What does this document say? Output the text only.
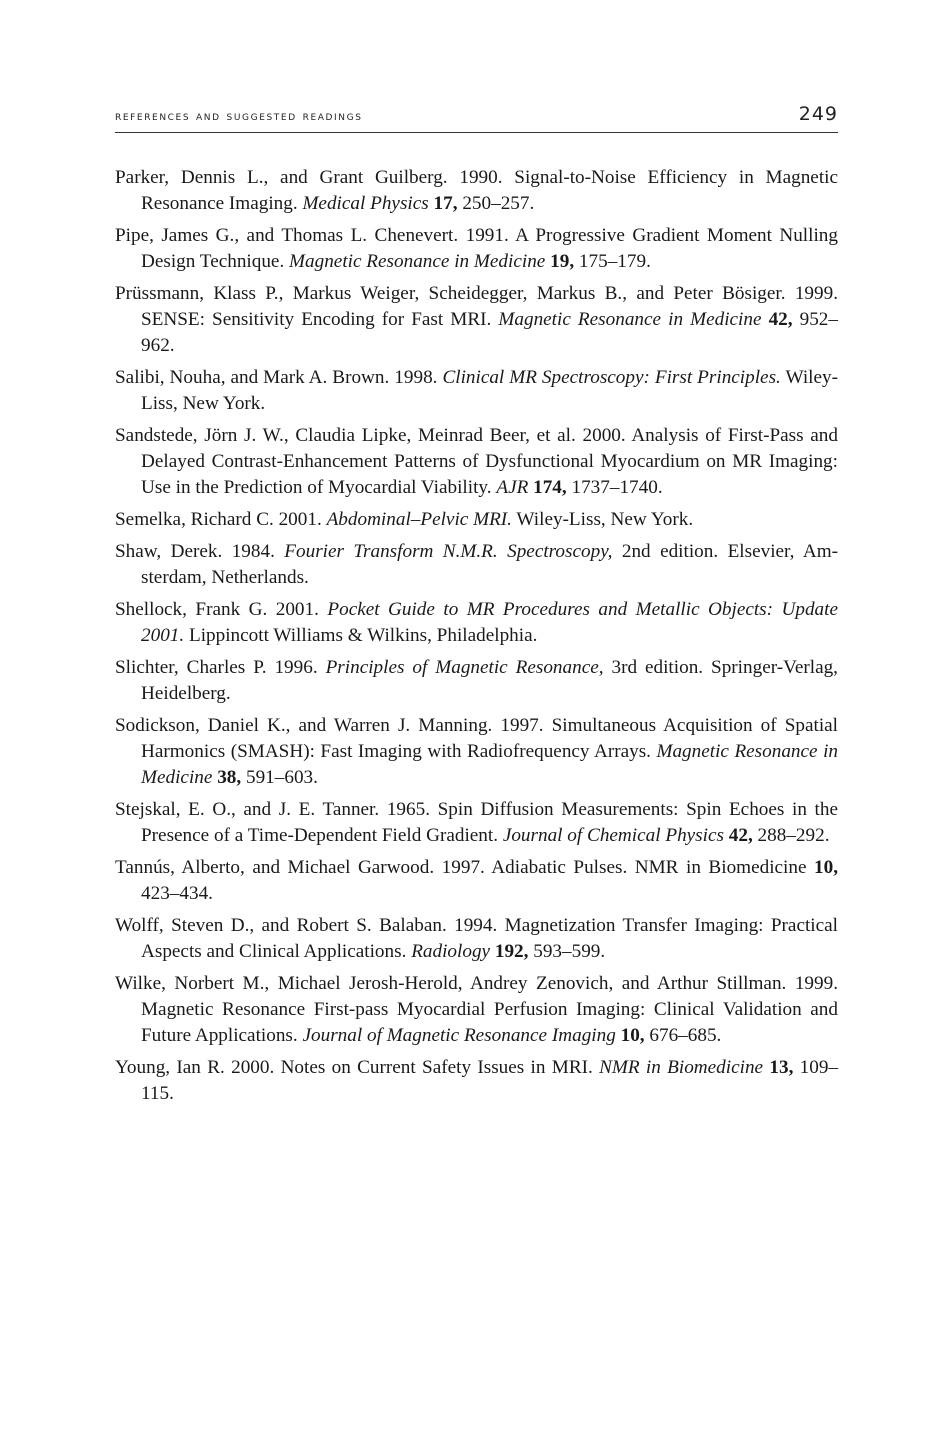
references and suggested readings	249
Parker, Dennis L., and Grant Guilberg. 1990. Signal-to-Noise Efficiency in Magnetic Resonance Imaging. Medical Physics 17, 250–257.
Pipe, James G., and Thomas L. Chenevert. 1991. A Progressive Gradient Moment Nulling Design Technique. Magnetic Resonance in Medicine 19, 175–179.
Prüssmann, Klass P., Markus Weiger, Scheidegger, Markus B., and Peter Bösiger. 1999. SENSE: Sensitivity Encoding for Fast MRI. Magnetic Resonance in Medicine 42, 952–962.
Salibi, Nouha, and Mark A. Brown. 1998. Clinical MR Spectroscopy: First Principles. Wiley-Liss, New York.
Sandstede, Jörn J. W., Claudia Lipke, Meinrad Beer, et al. 2000. Analysis of First-Pass and Delayed Contrast-Enhancement Patterns of Dysfunctional Myocardium on MR Imaging: Use in the Prediction of Myocardial Viability. AJR 174, 1737–1740.
Semelka, Richard C. 2001. Abdominal–Pelvic MRI. Wiley-Liss, New York.
Shaw, Derek. 1984. Fourier Transform N.M.R. Spectroscopy, 2nd edition. Elsevier, Amsterdam, Netherlands.
Shellock, Frank G. 2001. Pocket Guide to MR Procedures and Metallic Objects: Update 2001. Lippincott Williams & Wilkins, Philadelphia.
Slichter, Charles P. 1996. Principles of Magnetic Resonance, 3rd edition. Springer-Verlag, Heidelberg.
Sodickson, Daniel K., and Warren J. Manning. 1997. Simultaneous Acquisition of Spatial Harmonics (SMASH): Fast Imaging with Radiofrequency Arrays. Magnetic Resonance in Medicine 38, 591–603.
Stejskal, E. O., and J. E. Tanner. 1965. Spin Diffusion Measurements: Spin Echoes in the Presence of a Time-Dependent Field Gradient. Journal of Chemical Physics 42, 288–292.
Tannús, Alberto, and Michael Garwood. 1997. Adiabatic Pulses. NMR in Biomedicine 10, 423–434.
Wolff, Steven D., and Robert S. Balaban. 1994. Magnetization Transfer Imaging: Practical Aspects and Clinical Applications. Radiology 192, 593–599.
Wilke, Norbert M., Michael Jerosh-Herold, Andrey Zenovich, and Arthur Stillman. 1999. Magnetic Resonance First-pass Myocardial Perfusion Imaging: Clinical Validation and Future Applications. Journal of Magnetic Resonance Imaging 10, 676–685.
Young, Ian R. 2000. Notes on Current Safety Issues in MRI. NMR in Biomedicine 13, 109–115.
